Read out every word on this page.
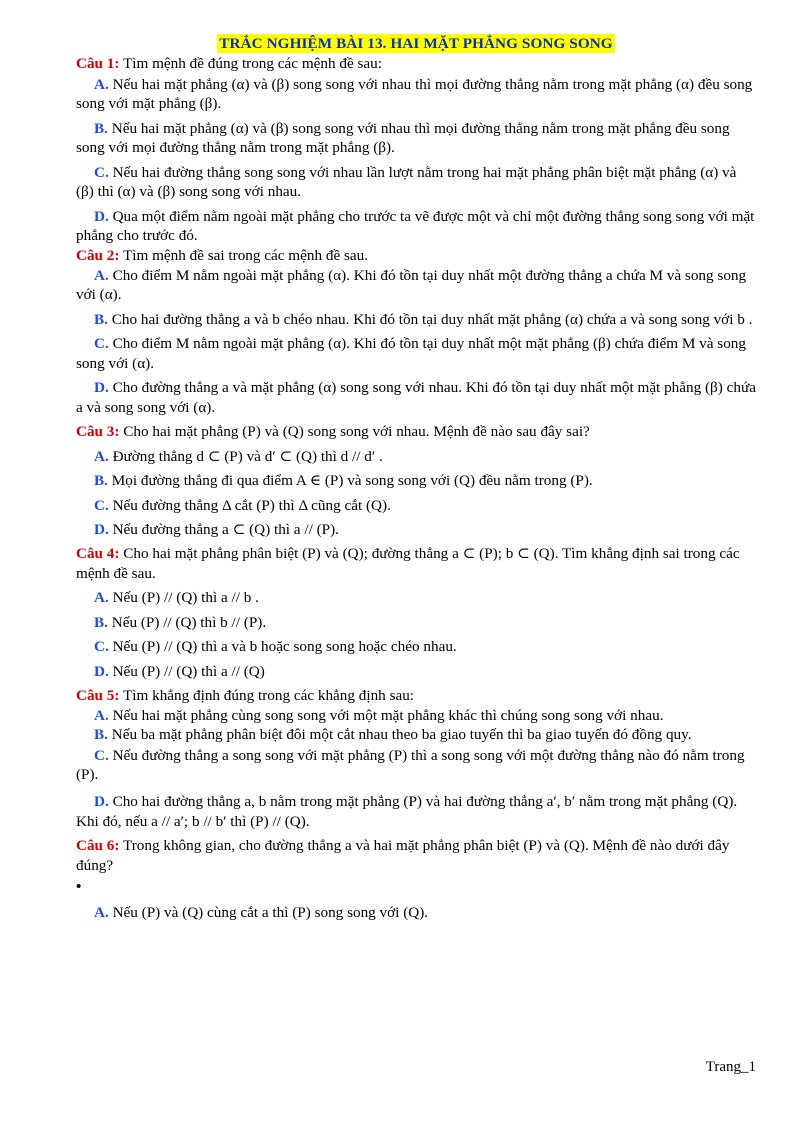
TRẮC NGHIỆM BÀI 13. HAI MẶT PHẲNG SONG SONG

Câu 1: Tìm mệnh đề đúng trong các mệnh đề sau:

A. Nếu hai mặt phẳng (α) và (β) song song với nhau thì mọi đường thẳng nằm trong mặt phẳng (α) đều song song với mặt phẳng (β).

B. Nếu hai mặt phẳng (α) và (β) song song với nhau thì mọi đường thẳng nằm trong mặt phẳng đều song song với mọi đường thẳng nằm trong mặt phẳng (β).

C. Nếu hai đường thẳng song song với nhau lần lượt nằm trong hai mặt phẳng phân biệt mặt phẳng (α) và (β) thì (α) và (β) song song với nhau.

D. Qua một điểm nằm ngoài mặt phẳng cho trước ta vẽ được một và chỉ một đường thẳng song song với mặt phẳng cho trước đó.

Câu 2: Tìm mệnh đề sai trong các mệnh đề sau.

A. Cho điểm M nằm ngoài mặt phẳng (α). Khi đó tồn tại duy nhất một đường thẳng a chứa M và song song với (α).

B. Cho hai đường thẳng a và b chéo nhau. Khi đó tồn tại duy nhất mặt phẳng (α) chứa a và song song với b .

C. Cho điểm M nằm ngoài mặt phẳng (α). Khi đó tồn tại duy nhất một mặt phẳng (β) chứa điểm M và song song với (α).

D. Cho đường thẳng a và mặt phẳng (α) song song với nhau. Khi đó tồn tại duy nhất một mặt phẳng (β) chứa a và song song với (α).

Câu 3: Cho hai mặt phẳng (P) và (Q) song song với nhau. Mệnh đề nào sau đây sai?

A. Đường thẳng d ⊂ (P) và d′ ⊂ (Q) thì d // d′ .

B. Mọi đường thẳng đi qua điểm A ∈ (P) và song song với (Q) đều nằm trong (P).

C. Nếu đường thẳng Δ cắt (P) thì Δ cũng cắt (Q).

D. Nếu đường thẳng a ⊂ (Q) thì a // (P).

Câu 4: Cho hai mặt phẳng phân biệt (P) và (Q); đường thẳng a ⊂ (P); b ⊂ (Q). Tìm khẳng định sai trong các mệnh đề sau.

A. Nếu (P) // (Q) thì a // b .

B. Nếu (P) // (Q) thì b // (P).

C. Nếu (P) // (Q) thì a và b hoặc song song hoặc chéo nhau.

D. Nếu (P) // (Q) thì a // (Q)

Câu 5: Tìm khẳng định đúng trong các khẳng định sau:

A. Nếu hai mặt phẳng cùng song song với một mặt phẳng khác thì chúng song song với nhau.

B. Nếu ba mặt phẳng phân biệt đôi một cắt nhau theo ba giao tuyến thì ba giao tuyến đó đồng quy.

C. Nếu đường thẳng a song song với mặt phẳng (P) thì a song song với một đường thẳng nào đó nằm trong (P).

D. Cho hai đường thẳng a, b nằm trong mặt phẳng (P) và hai đường thẳng a′, b′ nằm trong mặt phẳng (Q). Khi đó, nếu a // a′; b // b′ thì (P) // (Q).

Câu 6: Trong không gian, cho đường thẳng a và hai mặt phẳng phân biệt (P) và (Q). Mệnh đề nào dưới đây đúng?

•

A. Nếu (P) và (Q) cùng cắt a thì (P) song song với (Q).

Trang_1
